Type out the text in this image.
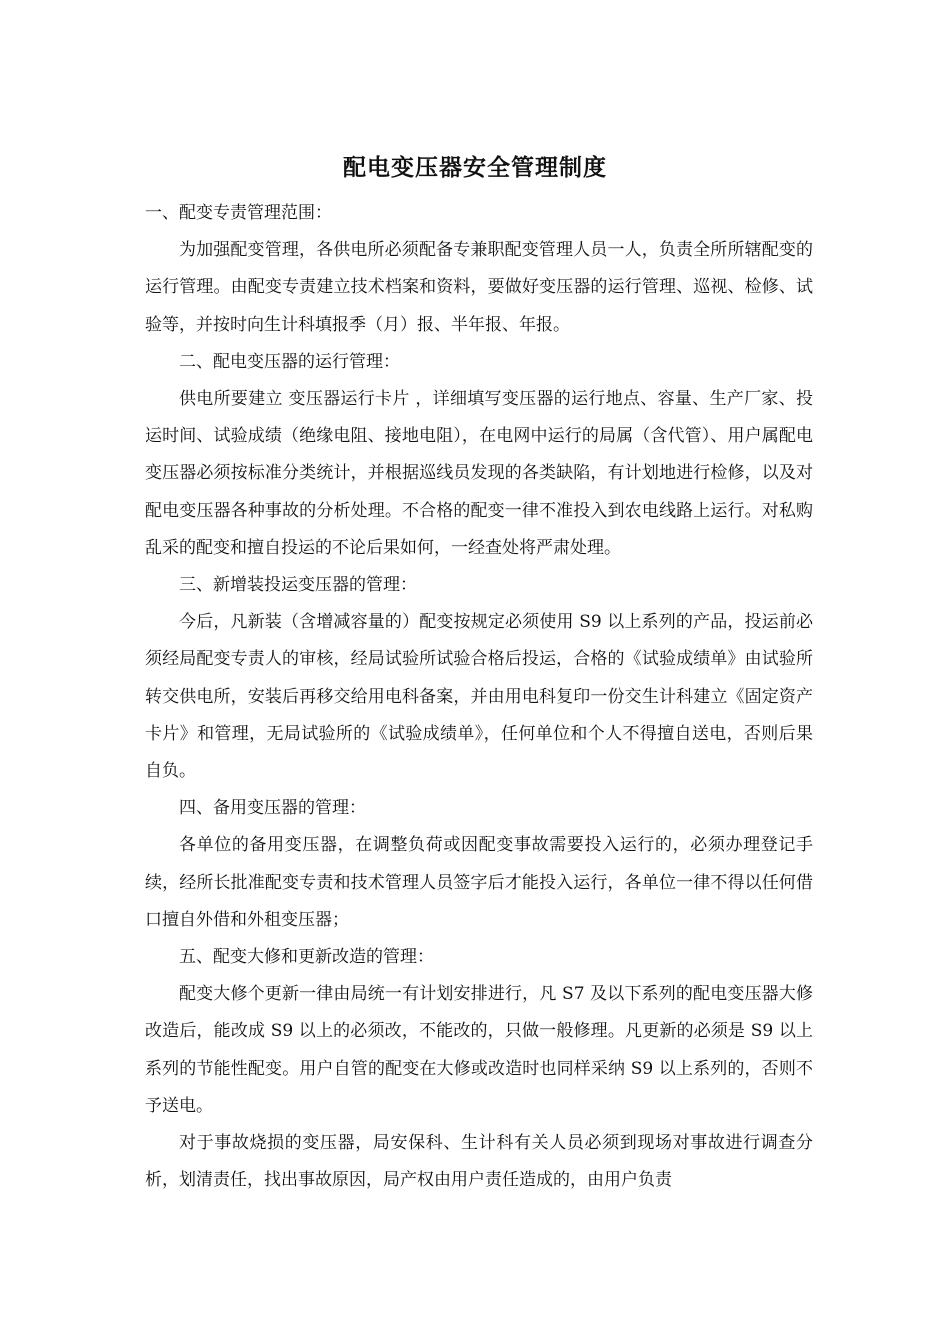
配电变压器安全管理制度
一、配变专责管理范围：
为加强配变管理，各供电所必须配备专兼职配变管理人员一人，负责全所所辖配变的运行管理。由配变专责建立技术档案和资料，要做好变压器的运行管理、巡视、检修、试验等，并按时向生计科填报季（月）报、半年报、年报。
二、配电变压器的运行管理：
供电所要建立 变压器运行卡片 ，详细填写变压器的运行地点、容量、生产厂家、投运时间、试验成绩（绝缘电阻、接地电阻），在电网中运行的局属（含代管）、用户属配电变压器必须按标准分类统计，并根据巡线员发现的各类缺陷，有计划地进行检修，以及对配电变压器各种事故的分析处理。不合格的配变一律不准投入到农电线路上运行。对私购乱采的配变和擅自投运的不论后果如何，一经查处将严肃处理。
三、新增装投运变压器的管理：
今后，凡新装（含增减容量的）配变按规定必须使用 S9 以上系列的产品，投运前必须经局配变专责人的审核，经局试验所试验合格后投运，合格的《试验成绩单》由试验所转交供电所，安装后再移交给用电科备案，并由用电科复印一份交生计科建立《固定资产卡片》和管理，无局试验所的《试验成绩单》，任何单位和个人不得擅自送电，否则后果自负。
四、备用变压器的管理：
各单位的备用变压器，在调整负荷或因配变事故需要投入运行的，必须办理登记手续，经所长批准配变专责和技术管理人员签字后才能投入运行，各单位一律不得以任何借口擅自外借和外租变压器；
五、配变大修和更新改造的管理：
配变大修个更新一律由局统一有计划安排进行，凡 S7 及以下系列的配电变压器大修改造后，能改成 S9 以上的必须改，不能改的，只做一般修理。凡更新的必须是 S9 以上系列的节能性配变。用户自管的配变在大修或改造时也同样采纳 S9 以上系列的，否则不予送电。
对于事故烧损的变压器，局安保科、生计科有关人员必须到现场对事故进行调查分析，划清责任，找出事故原因，局产权由用户责任造成的，由用户负责
